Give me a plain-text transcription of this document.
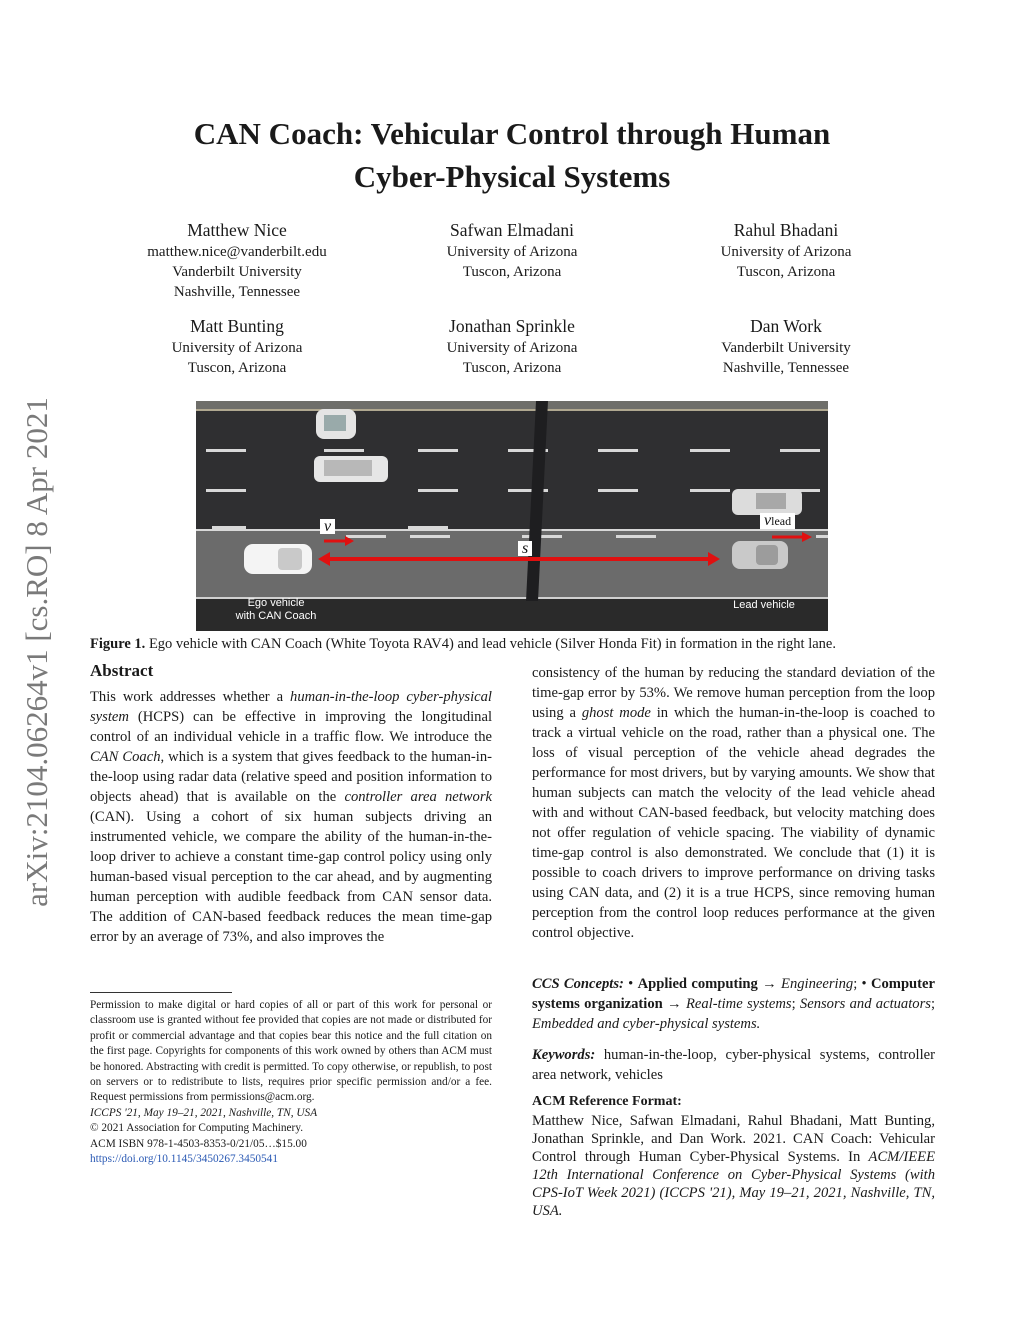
CAN Coach: Vehicular Control through Human
Cyber-Physical Systems
Matthew Nice
matthew.nice@vanderbilt.edu
Vanderbilt University
Nashville, Tennessee
Safwan Elmadani
University of Arizona
Tuscon, Arizona
Rahul Bhadani
University of Arizona
Tuscon, Arizona
Matt Bunting
University of Arizona
Tuscon, Arizona
Jonathan Sprinkle
University of Arizona
Tuscon, Arizona
Dan Work
Vanderbilt University
Nashville, Tennessee
arXiv:2104.06264v1 [cs.RO] 8 Apr 2021	v
s
vlead
Ego vehicle
with CAN Coach
Lead vehicle
Figure 1. Ego vehicle with CAN Coach (White Toyota RAV4) and lead vehicle (Silver Honda Fit) in formation in the right lane.
Abstract

This work addresses whether a human-in-the-loop cyber-physical system (HCPS) can be effective in improving the longitudinal control of an individual vehicle in a traffic flow. We introduce the CAN Coach, which is a system that gives feedback to the human-in-the-loop using radar data (relative speed and position information to objects ahead) that is available on the controller area network (CAN). Using a cohort of six human subjects driving an instrumented vehicle, we compare the ability of the human-in-the-loop driver to achieve a constant time-gap control policy using only human-based visual perception to the car ahead, and by augmenting human perception with audible feedback from CAN sensor data. The addition of CAN-based feedback reduces the mean time-gap error by an average of 73%, and also improves the

Permission to make digital or hard copies of all or part of this work for personal or classroom use is granted without fee provided that copies are not made or distributed for profit or commercial advantage and that copies bear this notice and the full citation on the first page. Copyrights for components of this work owned by others than ACM must be honored. Abstracting with credit is permitted. To copy otherwise, or republish, to post on servers or to redistribute to lists, requires prior specific permission and/or a fee. Request permissions from permissions@acm.org.

ICCPS '21, May 19–21, 2021, Nashville, TN, USA

© 2021 Association for Computing Machinery.

ACM ISBN 978-1-4503-8353-0/21/05…$15.00

https://doi.org/10.1145/3450267.3450541

consistency of the human by reducing the standard deviation of the time-gap error by 53%. We remove human perception from the loop using a ghost mode in which the human-in-the-loop is coached to track a virtual vehicle on the road, rather than a physical one. The loss of visual perception of the vehicle ahead degrades the performance for most drivers, but by varying amounts. We show that human subjects can match the velocity of the lead vehicle ahead with and without CAN-based feedback, but velocity matching does not offer regulation of vehicle spacing. The viability of dynamic time-gap control is also demonstrated. We conclude that (1) it is possible to coach drivers to improve performance on driving tasks using CAN data, and (2) it is a true HCPS, since removing human perception from the control loop reduces performance at the given control objective.

CCS Concepts: • Applied computing → Engineering; • Computer systems organization → Real-time systems; Sensors and actuators; Embedded and cyber-physical systems.

Keywords: human-in-the-loop, cyber-physical systems, controller area network, vehicles

ACM Reference Format:

Matthew Nice, Safwan Elmadani, Rahul Bhadani, Matt Bunting, Jonathan Sprinkle, and Dan Work. 2021. CAN Coach: Vehicular Control through Human Cyber-Physical Systems. In ACM/IEEE 12th International Conference on Cyber-Physical Systems (with CPS-IoT Week 2021) (ICCPS '21), May 19–21, 2021, Nashville, TN, USA.
